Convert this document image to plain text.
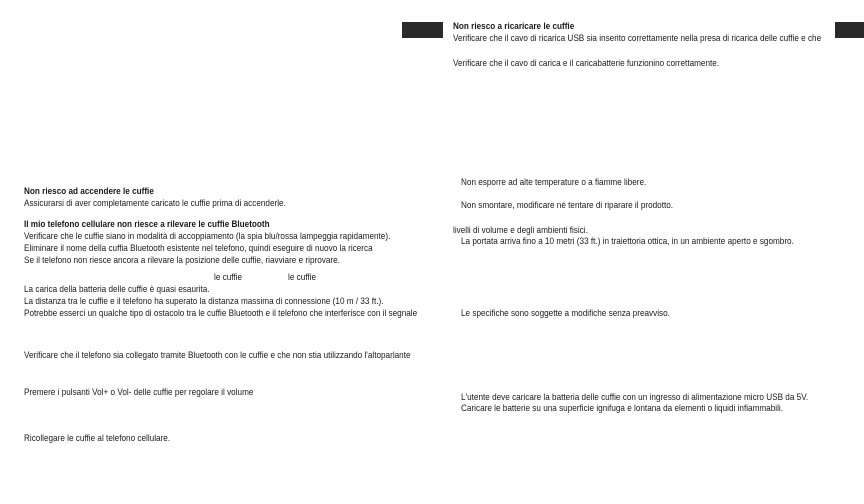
Non riesco ad accendere le cuffie
Assicurarsi di aver completamente caricato le cuffie prima di accenderle.
Il mio telefono cellulare non riesce a rilevare le cuffie Bluetooth
Verificare che le cuffie siano in modalità di accoppiamento (la spia blu/rossa lampeggia rapidamente).
Eliminare il nome della cuffia Bluetooth esistente nel telefono, quindi eseguire di nuovo la ricerca
Se il telefono non riesce ancora a rilevare la posizione delle cuffie, riavviare e riprovare.
le cuffie	le cuffie
La carica della batteria delle cuffie è quasi esaurita.
La distanza tra le cuffie e il telefono ha superato la distanza massima di connessione (10 m / 33 ft.).
Potrebbe esserci un qualche tipo di ostacolo tra le cuffie Bluetooth e il telefono che interferisce con il segnale
Verificare che il telefono sia collegato tramite Bluetooth con le cuffie e che non stia utilizzando l'altoparlante
Premere i pulsanti Vol+ o Vol- delle cuffie per regolare il volume
Ricollegare le cuffie al telefono cellulare.
Non riesco a ricaricare le cuffie
Verificare che il cavo di ricarica USB sia inserito correttamente nella presa di ricarica delle cuffie e che
Verificare che il cavo di carica e il caricabatterie funzionino correttamente.
Non esporre ad alte temperature o a fiamme libere.
Non smontare, modificare né tentare di riparare il prodotto.
livelli di volume e degli ambienti fisici.
La portata arriva fino a 10 metri (33 ft.) in traiettoria ottica, in un ambiente aperto e sgombro.
Le specifiche sono soggette a modifiche senza preavviso.
L'utente deve caricare la batteria delle cuffie con un ingresso di alimentazione micro USB da 5V.
Caricare le batterie su una superficie ignifuga e lontana da elementi o liquidi infiammabili.
